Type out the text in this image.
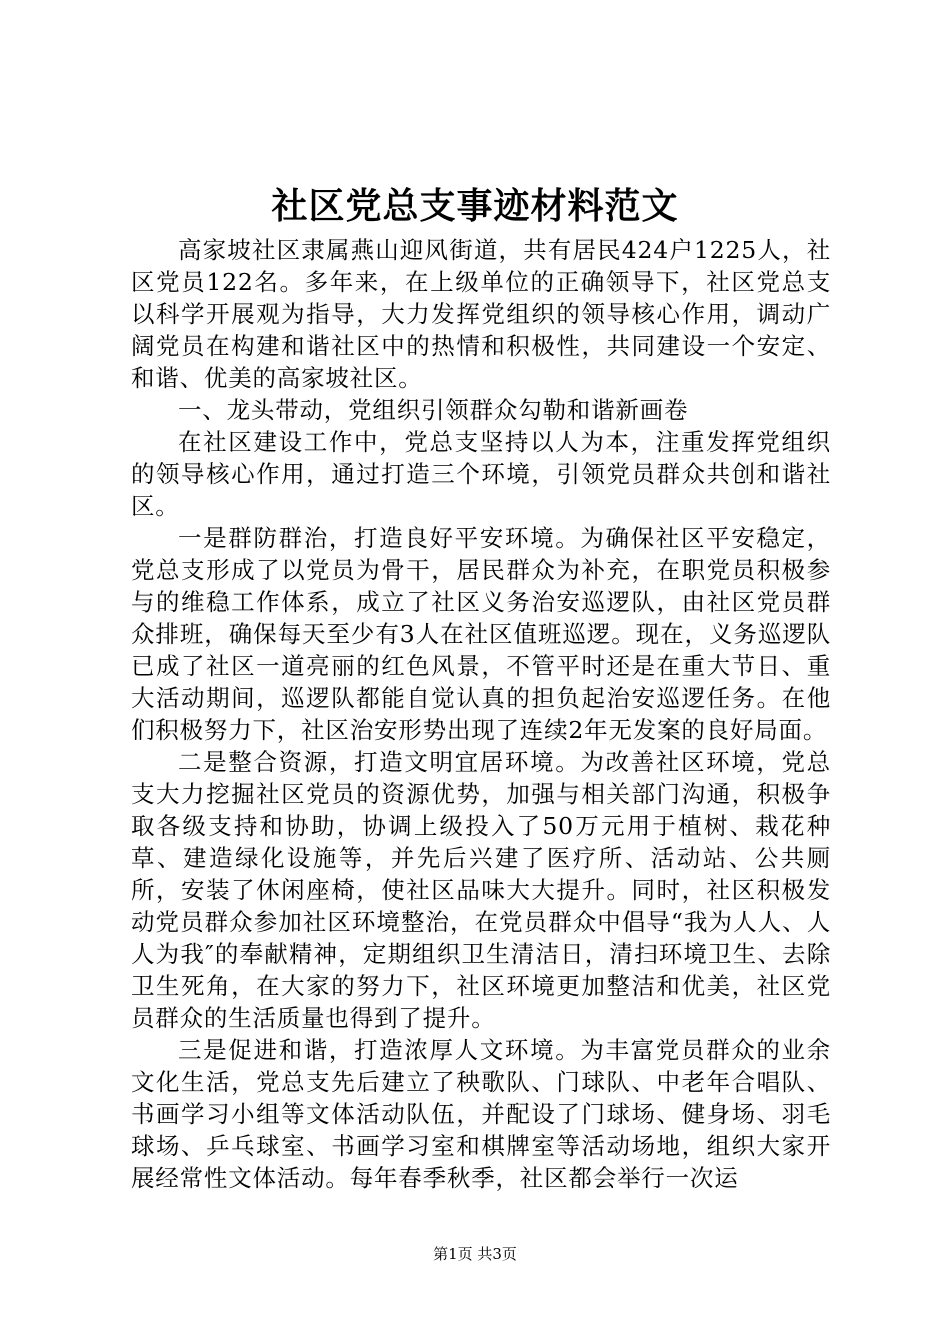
社区党总支事迹材料范文

高家坡社区隶属燕山迎风街道，共有居民424户1225人，社区党员122名。多年来，在上级单位的正确领导下，社区党总支以科学开展观为指导，大力发挥党组织的领导核心作用，调动广阔党员在构建和谐社区中的热情和积极性，共同建设一个安定、和谐、优美的高家坡社区。

一、龙头带动，党组织引领群众勾勒和谐新画卷

在社区建设工作中，党总支坚持以人为本，注重发挥党组织的领导核心作用，通过打造三个环境，引领党员群众共创和谐社区。

一是群防群治，打造良好平安环境。为确保社区平安稳定，党总支形成了以党员为骨干，居民群众为补充，在职党员积极参与的维稳工作体系，成立了社区义务治安巡逻队，由社区党员群众排班，确保每天至少有3人在社区值班巡逻。现在，义务巡逻队已成了社区一道亮丽的红色风景，不管平时还是在重大节日、重大活动期间，巡逻队都能自觉认真的担负起治安巡逻任务。在他们积极努力下，社区治安形势出现了连续2年无发案的良好局面。

二是整合资源，打造文明宜居环境。为改善社区环境，党总支大力挖掘社区党员的资源优势，加强与相关部门沟通，积极争取各级支持和协助，协调上级投入了50万元用于植树、栽花种草、建造绿化设施等，并先后兴建了医疗所、活动站、公共厕所，安装了休闲座椅，使社区品味大大提升。同时，社区积极发动党员群众参加社区环境整治，在党员群众中倡导“我为人人、人人为我″的奉献精神，定期组织卫生清洁日，清扫环境卫生、去除卫生死角，在大家的努力下，社区环境更加整洁和优美，社区党员群众的生活质量也得到了提升。

三是促进和谐，打造浓厚人文环境。为丰富党员群众的业余文化生活，党总支先后建立了秧歌队、门球队、中老年合唱队、书画学习小组等文体活动队伍，并配设了门球场、健身场、羽毛球场、乒乓球室、书画学习室和棋牌室等活动场地，组织大家开展经常性文体活动。每年春季秋季，社区都会举行一次运

第1页 共3页
